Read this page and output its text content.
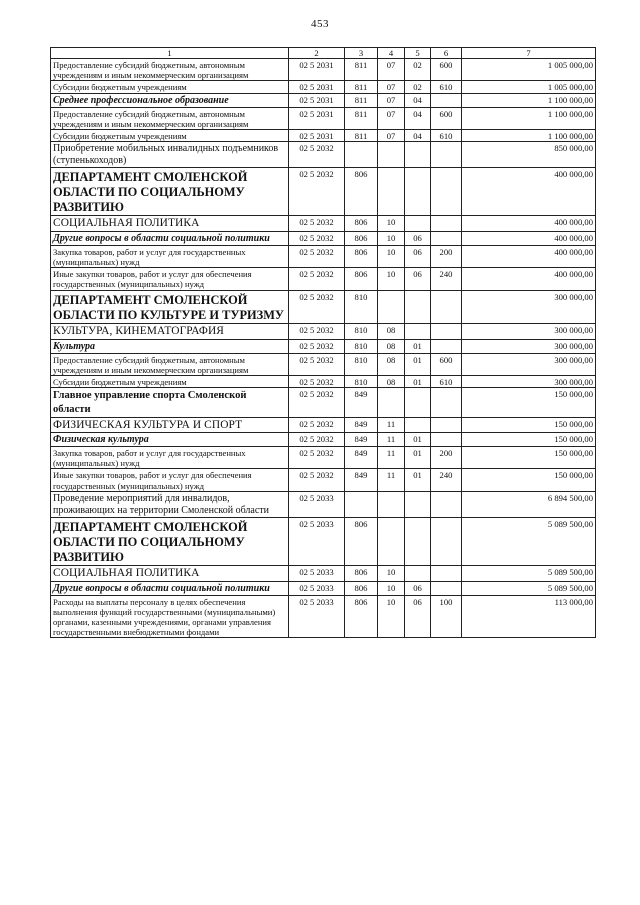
453
1	2	3	4	5	6	7
Предоставление субсидий бюджетным, автономным учреждениям и иным некоммерческим организациям	02 5 2031	811	07	02	600	1 005 000,00
Субсидии бюджетным учреждениям	02 5 2031	811	07	02	610	1 005 000,00
Среднее профессиональное образование	02 5 2031	811	07	04		1 100 000,00
Предоставление субсидий бюджетным, автономным учреждениям и иным некоммерческим организациям	02 5 2031	811	07	04	600	1 100 000,00
Субсидии бюджетным учреждениям	02 5 2031	811	07	04	610	1 100 000,00
Приобретение мобильных инвалидных подъемников (ступенькоходов)	02 5 2032					850 000,00
ДЕПАРТАМЕНТ СМОЛЕНСКОЙ ОБЛАСТИ ПО СОЦИАЛЬНОМУ РАЗВИТИЮ	02 5 2032	806				400 000,00
СОЦИАЛЬНАЯ ПОЛИТИКА	02 5 2032	806	10			400 000,00
Другие вопросы в области социальной политики	02 5 2032	806	10	06		400 000,00
Закупка товаров, работ и услуг для государственных (муниципальных) нужд	02 5 2032	806	10	06	200	400 000,00
Иные закупки товаров, работ и услуг для обеспечения государственных (муниципальных) нужд	02 5 2032	806	10	06	240	400 000,00
ДЕПАРТАМЕНТ СМОЛЕНСКОЙ ОБЛАСТИ ПО КУЛЬТУРЕ И ТУРИЗМУ	02 5 2032	810				300 000,00
КУЛЬТУРА, КИНЕМАТОГРАФИЯ	02 5 2032	810	08			300 000,00
Культура	02 5 2032	810	08	01		300 000,00
Предоставление субсидий бюджетным, автономным учреждениям и иным некоммерческим организациям	02 5 2032	810	08	01	600	300 000,00
Субсидии бюджетным учреждениям	02 5 2032	810	08	01	610	300 000,00
Главное управление спорта Смоленской области	02 5 2032	849				150 000,00
ФИЗИЧЕСКАЯ КУЛЬТУРА И СПОРТ	02 5 2032	849	11			150 000,00
Физическая культура	02 5 2032	849	11	01		150 000,00
Закупка товаров, работ и услуг для государственных (муниципальных) нужд	02 5 2032	849	11	01	200	150 000,00
Иные закупки товаров, работ и услуг для обеспечения государственных (муниципальных) нужд	02 5 2032	849	11	01	240	150 000,00
Проведение мероприятий для инвалидов, проживающих на территории Смоленской области	02 5 2033					6 894 500,00
ДЕПАРТАМЕНТ СМОЛЕНСКОЙ ОБЛАСТИ ПО СОЦИАЛЬНОМУ РАЗВИТИЮ	02 5 2033	806				5 089 500,00
СОЦИАЛЬНАЯ ПОЛИТИКА	02 5 2033	806	10			5 089 500,00
Другие вопросы в области социальной политики	02 5 2033	806	10	06		5 089 500,00
Расходы на выплаты персоналу в целях обеспечения выполнения функций государственными (муниципальными) органами, казенными учреждениями, органами управления государственными внебюджетными фондами	02 5 2033	806	10	06	100	113 000,00
